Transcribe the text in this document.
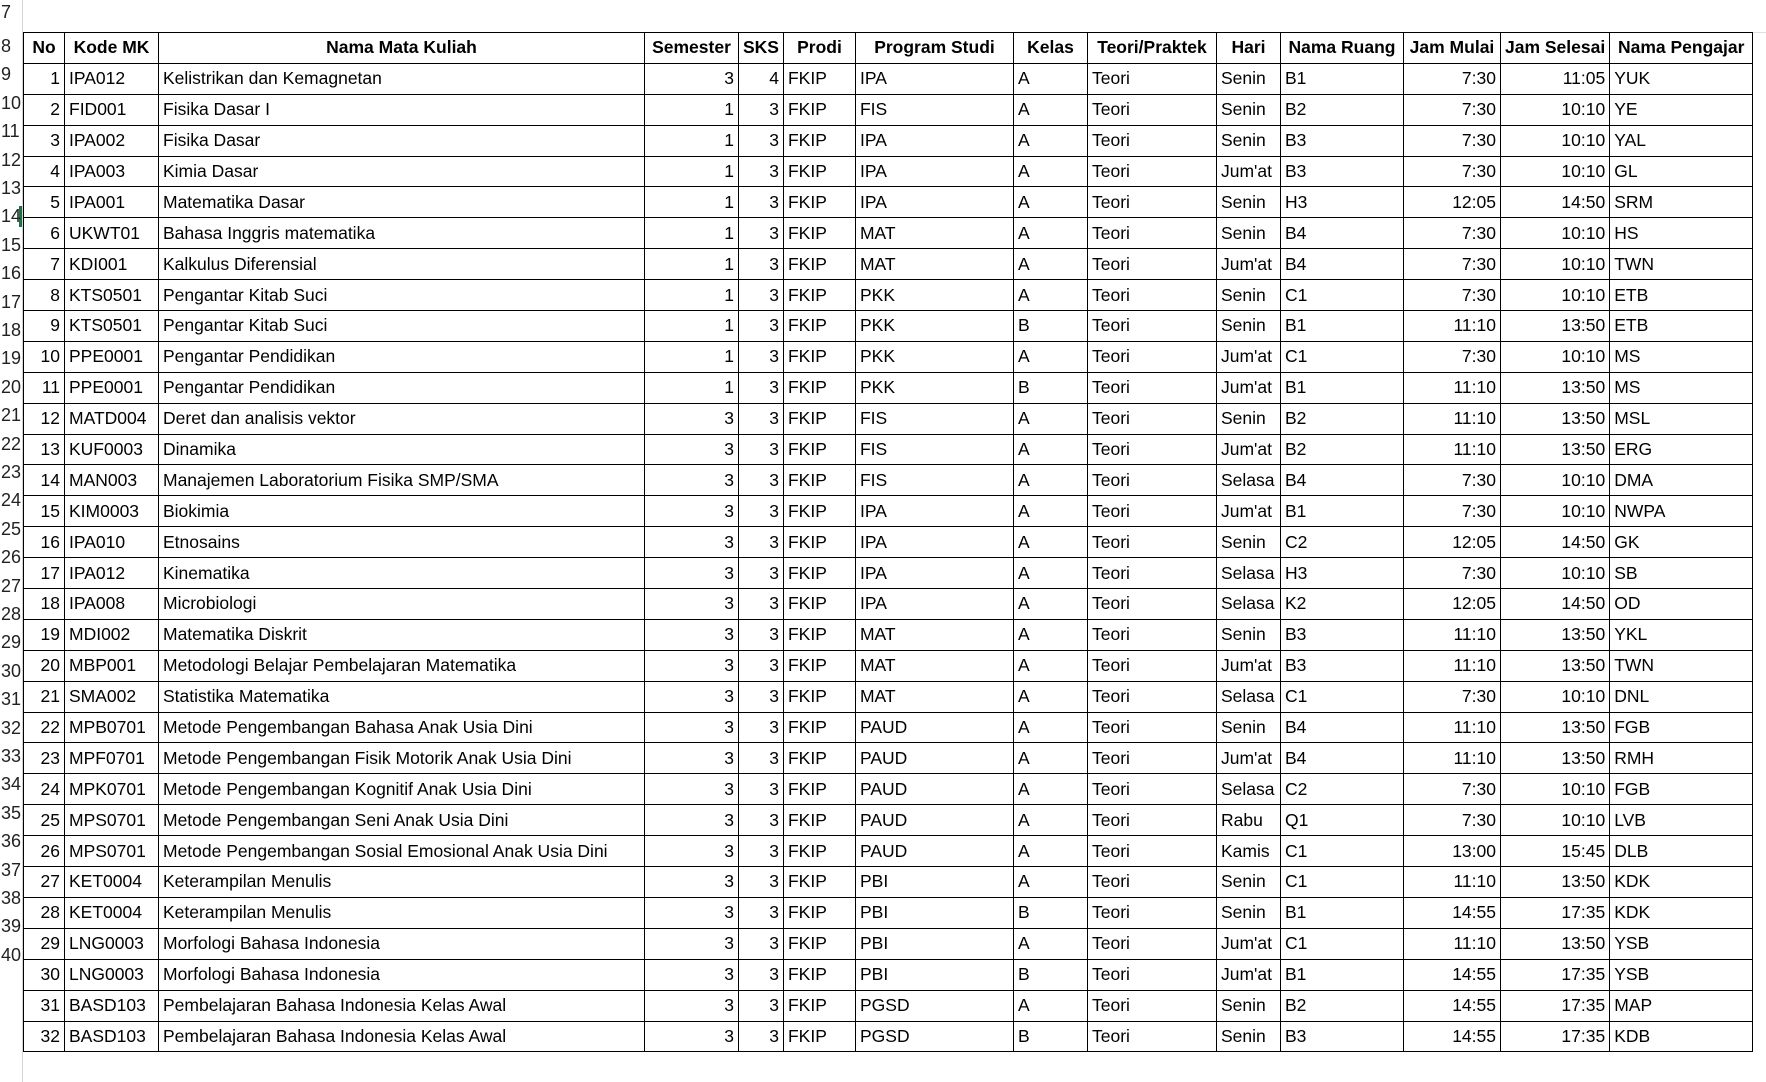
7
8
9
10
11
12
13
14
15
16
17
18
19
20
21
22
23
24
25
26
27
28
29
30
31
32
33
34
35
36
37
38
39
40
No	Kode MK	Nama Mata Kuliah	Semester	SKS	Prodi	Program Studi	Kelas	Teori/Praktek	Hari	Nama Ruang	Jam Mulai	Jam Selesai	Nama Pengajar
1	IPA012	Kelistrikan dan Kemagnetan	3	4	FKIP	IPA	A	Teori	Senin	B1	7:30	11:05	YUK
2	FID001	Fisika Dasar I	1	3	FKIP	FIS	A	Teori	Senin	B2	7:30	10:10	YE
3	IPA002	Fisika Dasar	1	3	FKIP	IPA	A	Teori	Senin	B3	7:30	10:10	YAL
4	IPA003	Kimia Dasar	1	3	FKIP	IPA	A	Teori	Jum'at	B3	7:30	10:10	GL
5	IPA001	Matematika Dasar	1	3	FKIP	IPA	A	Teori	Senin	H3	12:05	14:50	SRM
6	UKWT01	Bahasa Inggris matematika	1	3	FKIP	MAT	A	Teori	Senin	B4	7:30	10:10	HS
7	KDI001	Kalkulus Diferensial	1	3	FKIP	MAT	A	Teori	Jum'at	B4	7:30	10:10	TWN
8	KTS0501	Pengantar Kitab Suci	1	3	FKIP	PKK	A	Teori	Senin	C1	7:30	10:10	ETB
9	KTS0501	Pengantar Kitab Suci	1	3	FKIP	PKK	B	Teori	Senin	B1	11:10	13:50	ETB
10	PPE0001	Pengantar Pendidikan	1	3	FKIP	PKK	A	Teori	Jum'at	C1	7:30	10:10	MS
11	PPE0001	Pengantar Pendidikan	1	3	FKIP	PKK	B	Teori	Jum'at	B1	11:10	13:50	MS
12	MATD004	Deret dan analisis vektor	3	3	FKIP	FIS	A	Teori	Senin	B2	11:10	13:50	MSL
13	KUF0003	Dinamika	3	3	FKIP	FIS	A	Teori	Jum'at	B2	11:10	13:50	ERG
14	MAN003	Manajemen Laboratorium Fisika SMP/SMA	3	3	FKIP	FIS	A	Teori	Selasa	B4	7:30	10:10	DMA
15	KIM0003	Biokimia	3	3	FKIP	IPA	A	Teori	Jum'at	B1	7:30	10:10	NWPA
16	IPA010	Etnosains	3	3	FKIP	IPA	A	Teori	Senin	C2	12:05	14:50	GK
17	IPA012	Kinematika	3	3	FKIP	IPA	A	Teori	Selasa	H3	7:30	10:10	SB
18	IPA008	Microbiologi	3	3	FKIP	IPA	A	Teori	Selasa	K2	12:05	14:50	OD
19	MDI002	Matematika Diskrit	3	3	FKIP	MAT	A	Teori	Senin	B3	11:10	13:50	YKL
20	MBP001	Metodologi Belajar Pembelajaran Matematika	3	3	FKIP	MAT	A	Teori	Jum'at	B3	11:10	13:50	TWN
21	SMA002	Statistika Matematika	3	3	FKIP	MAT	A	Teori	Selasa	C1	7:30	10:10	DNL
22	MPB0701	Metode Pengembangan Bahasa Anak Usia Dini	3	3	FKIP	PAUD	A	Teori	Senin	B4	11:10	13:50	FGB
23	MPF0701	Metode Pengembangan Fisik Motorik Anak Usia Dini	3	3	FKIP	PAUD	A	Teori	Jum'at	B4	11:10	13:50	RMH
24	MPK0701	Metode Pengembangan Kognitif Anak Usia Dini	3	3	FKIP	PAUD	A	Teori	Selasa	C2	7:30	10:10	FGB
25	MPS0701	Metode Pengembangan Seni Anak Usia Dini	3	3	FKIP	PAUD	A	Teori	Rabu	Q1	7:30	10:10	LVB
26	MPS0701	Metode Pengembangan Sosial Emosional Anak Usia Dini	3	3	FKIP	PAUD	A	Teori	Kamis	C1	13:00	15:45	DLB
27	KET0004	Keterampilan Menulis	3	3	FKIP	PBI	A	Teori	Senin	C1	11:10	13:50	KDK
28	KET0004	Keterampilan Menulis	3	3	FKIP	PBI	B	Teori	Senin	B1	14:55	17:35	KDK
29	LNG0003	Morfologi Bahasa Indonesia	3	3	FKIP	PBI	A	Teori	Jum'at	C1	11:10	13:50	YSB
30	LNG0003	Morfologi Bahasa Indonesia	3	3	FKIP	PBI	B	Teori	Jum'at	B1	14:55	17:35	YSB
31	BASD103	Pembelajaran Bahasa Indonesia Kelas Awal	3	3	FKIP	PGSD	A	Teori	Senin	B2	14:55	17:35	MAP
32	BASD103	Pembelajaran Bahasa Indonesia Kelas Awal	3	3	FKIP	PGSD	B	Teori	Senin	B3	14:55	17:35	KDB
